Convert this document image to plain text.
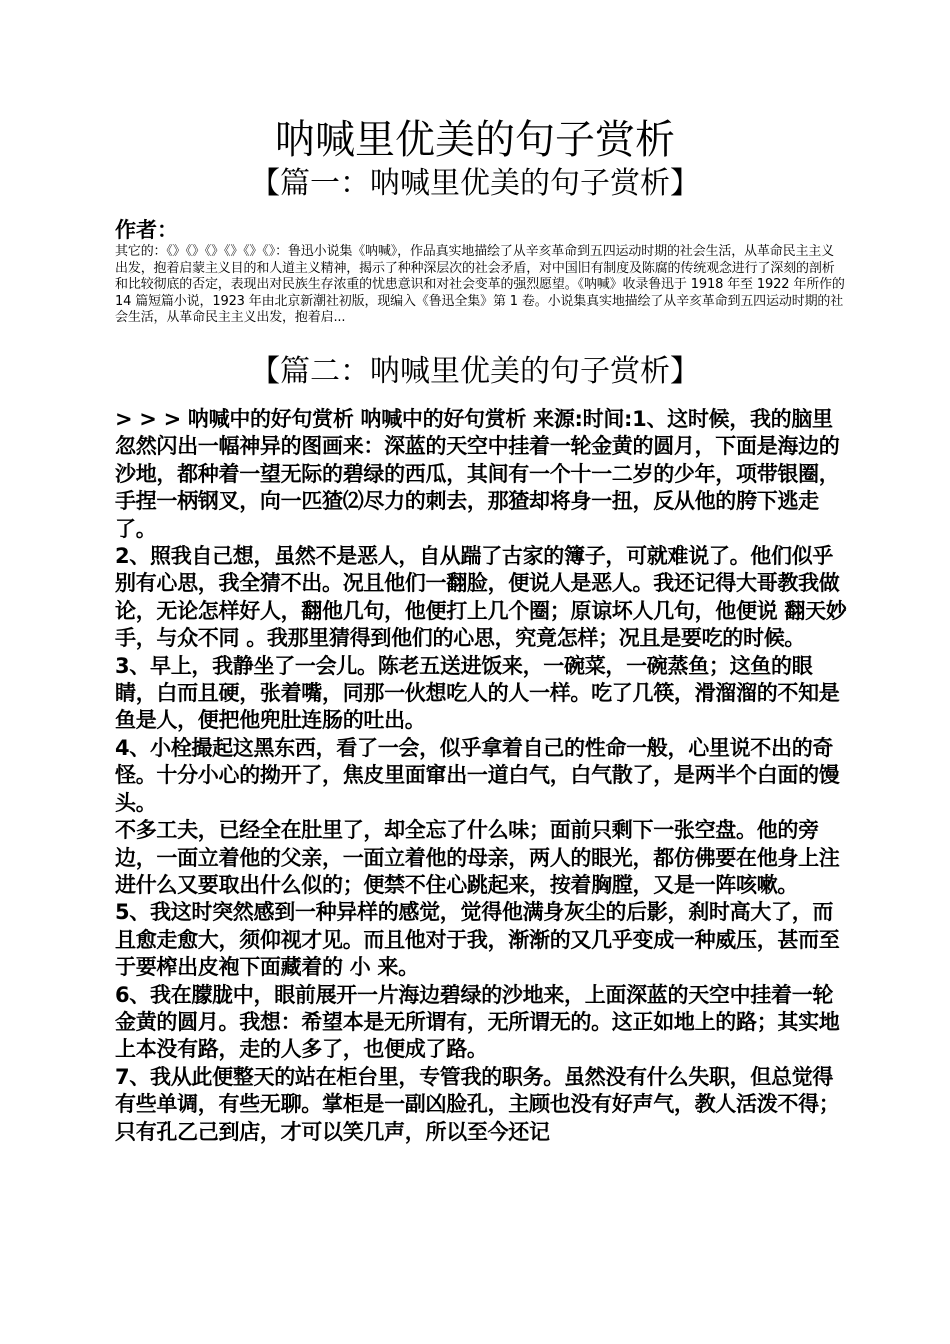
呐喊里优美的句子赏析
【篇一：呐喊里优美的句子赏析】
作者：

其它的：《》《》《》《》《》《》：鲁迅小说集《呐喊》，作品真实地描绘了从辛亥革命到五四运动时期的社会生活，从革命民主主义出发，抱着启蒙主义目的和人道主义精神，揭示了种种深层次的社会矛盾，对中国旧有制度及陈腐的传统观念进行了深刻的剖析和比较彻底的否定，表现出对民族生存浓重的忧患意识和对社会变革的强烈愿望。《呐喊》收录鲁迅于 1918 年至 1922 年所作的 14 篇短篇小说，1923 年由北京新潮社初版，现编入《鲁迅全集》第 1 卷。小说集真实地描绘了从辛亥革命到五四运动时期的社会生活，从革命民主主义出发，抱着启...

【篇二：呐喊里优美的句子赏析】

> > > 呐喊中的好句赏析 呐喊中的好句赏析 来源:时间:1、这时候，我的脑里忽然闪出一幅神异的图画来：深蓝的天空中挂着一轮金黄的圆月，下面是海边的沙地，都种着一望无际的碧绿的西瓜，其间有一个十一二岁的少年，项带银圈，手捏一柄钢叉，向一匹猹⑵尽力的刺去，那猹却将身一扭，反从他的胯下逃走了。

2、照我自己想，虽然不是恶人，自从踹了古家的簿子，可就难说了。他们似乎别有心思，我全猜不出。况且他们一翻脸，便说人是恶人。我还记得大哥教我做论，无论怎样好人，翻他几句，他便打上几个圈；原谅坏人几句，他便说 翻天妙手，与众不同 。我那里猜得到他们的心思，究竟怎样；况且是要吃的时候。

3、早上，我静坐了一会儿。陈老五送进饭来，一碗菜，一碗蒸鱼；这鱼的眼睛，白而且硬，张着嘴，同那一伙想吃人的人一样。吃了几筷，滑溜溜的不知是鱼是人，便把他兜肚连肠的吐出。

4、小栓撮起这黑东西，看了一会，似乎拿着自己的性命一般，心里说不出的奇怪。十分小心的拗开了，焦皮里面窜出一道白气，白气散了，是两半个白面的馒头。

不多工夫，已经全在肚里了，却全忘了什么味；面前只剩下一张空盘。他的旁边，一面立着他的父亲，一面立着他的母亲，两人的眼光，都仿佛要在他身上注进什么又要取出什么似的；便禁不住心跳起来，按着胸膛，又是一阵咳嗽。

5、我这时突然感到一种异样的感觉，觉得他满身灰尘的后影，刹时高大了，而且愈走愈大，须仰视才见。而且他对于我，渐渐的又几乎变成一种威压，甚而至于要榨出皮袍下面藏着的 小 来。

6、我在朦胧中，眼前展开一片海边碧绿的沙地来，上面深蓝的天空中挂着一轮金黄的圆月。我想：希望本是无所谓有，无所谓无的。这正如地上的路；其实地上本没有路，走的人多了，也便成了路。

7、我从此便整天的站在柜台里，专管我的职务。虽然没有什么失职，但总觉得有些单调，有些无聊。掌柜是一副凶脸孔，主顾也没有好声气，教人活泼不得；只有孔乙己到店，才可以笑几声，所以至今还记
